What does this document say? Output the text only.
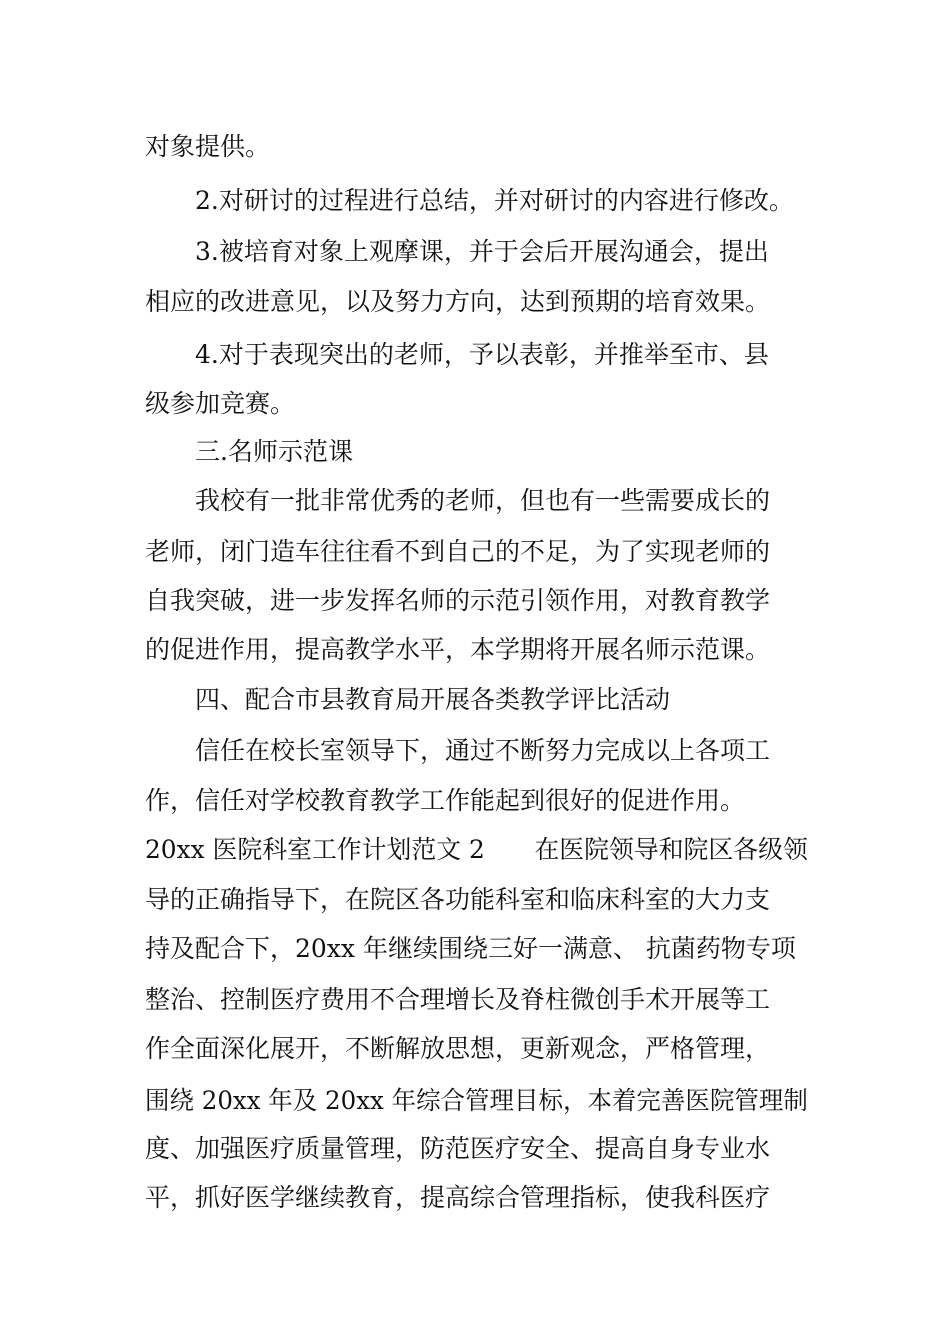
对象提供。
2.对研讨的过程进行总结，并对研讨的内容进行修改。
3.被培育对象上观摩课，并于会后开展沟通会，提出
相应的改进意见，以及努力方向，达到预期的培育效果。
4.对于表现突出的老师，予以表彰，并推举至市、县
级参加竞赛。
三.名师示范课
我校有一批非常优秀的老师，但也有一些需要成长的
老师，闭门造车往往看不到自己的不足，为了实现老师的
自我突破，进一步发挥名师的示范引领作用，对教育教学
的促进作用，提高教学水平，本学期将开展名师示范课。
四、配合市县教育局开展各类教学评比活动
信任在校长室领导下，通过不断努力完成以上各项工
作，信任对学校教育教学工作能起到很好的促进作用。
20xx 医院科室工作计划范文 2　　在医院领导和院区各级领
导的正确指导下，在院区各功能科室和临床科室的大力支
持及配合下，20xx 年继续围绕三好一满意、 抗菌药物专项
整治、控制医疗费用不合理增长及脊柱微创手术开展等工
作全面深化展开，不断解放思想，更新观念，严格管理，
围绕 20xx 年及 20xx 年综合管理目标，本着完善医院管理制
度、加强医疗质量管理，防范医疗安全、提高自身专业水
平，抓好医学继续教育，提高综合管理指标，使我科医疗
